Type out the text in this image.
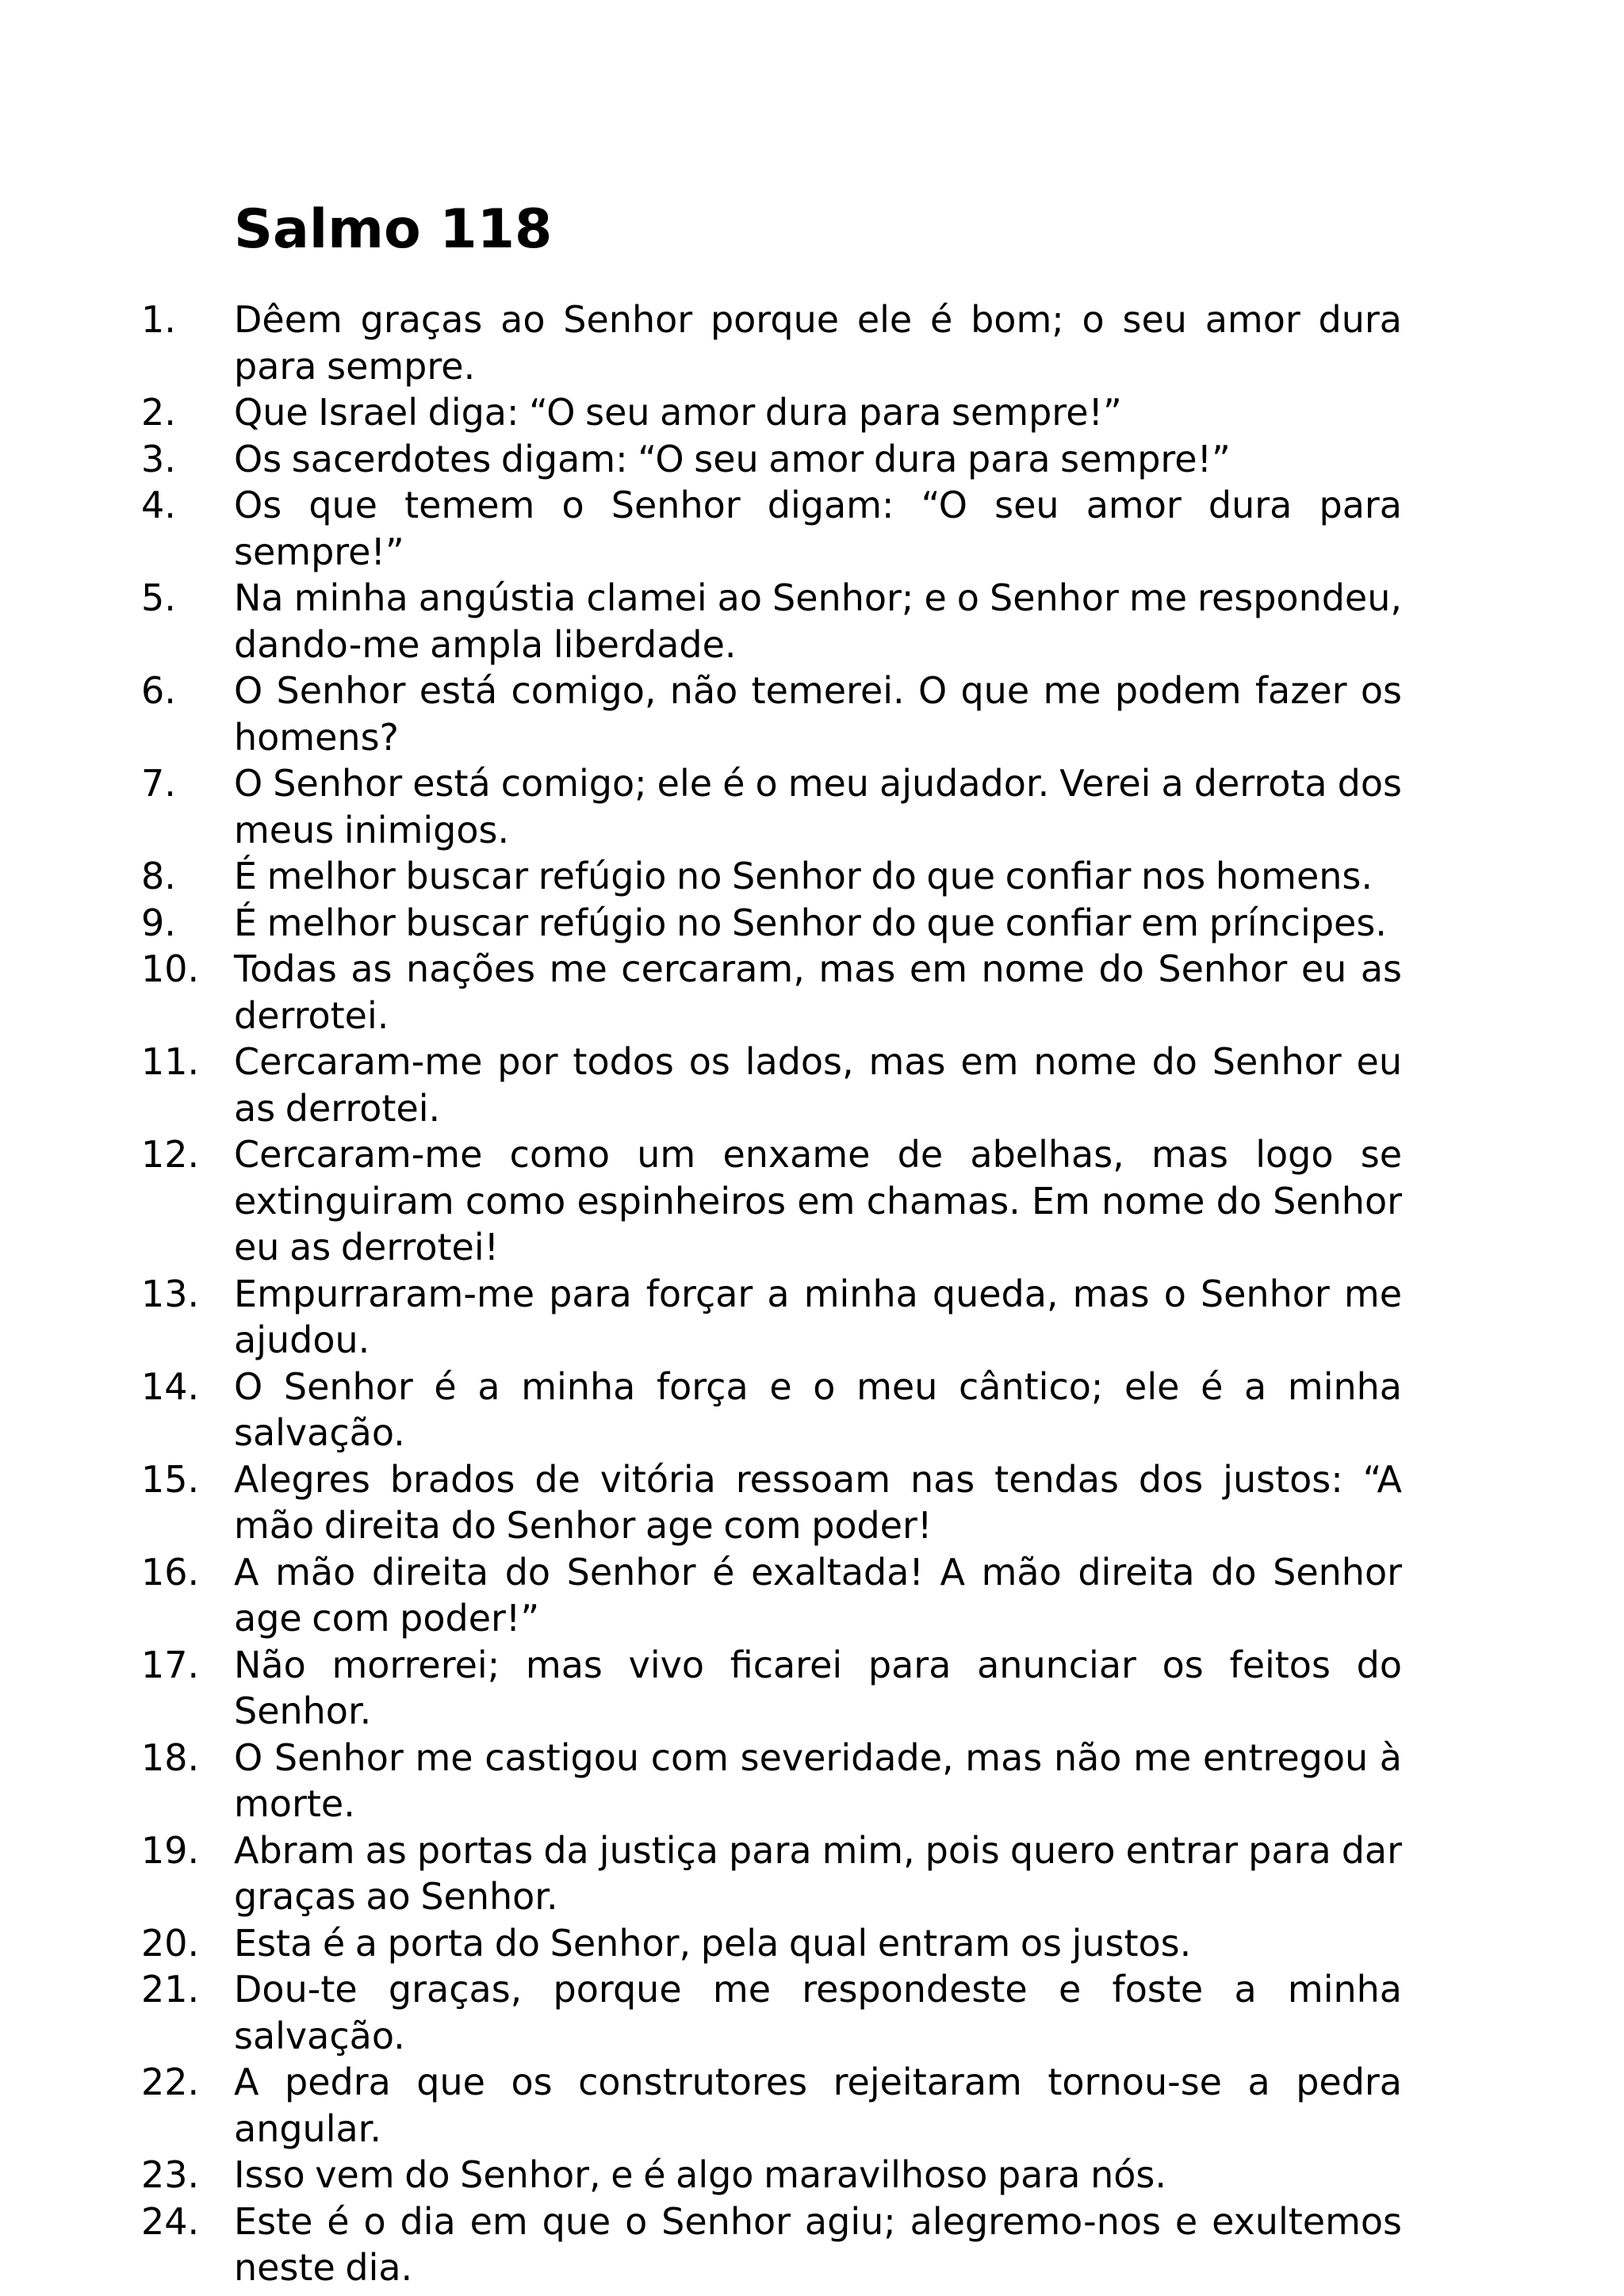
Salmo 118
1.	Dêem graças ao Senhor porque ele é bom; o seu amor dura para sempre.
2.	Que Israel diga: “O seu amor dura para sempre!”
3.	Os sacerdotes digam: “O seu amor dura para sempre!”
4.	Os que temem o Senhor digam: “O seu amor dura para sempre!”
5.	Na minha angústia clamei ao Senhor; e o Senhor me respondeu, dando-me ampla liberdade.
6.	O Senhor está comigo, não temerei. O que me podem fazer os homens?
7.	O Senhor está comigo; ele é o meu ajudador. Verei a derrota dos meus inimigos.
8.	É melhor buscar refúgio no Senhor do que confiar nos homens.
9.	É melhor buscar refúgio no Senhor do que confiar em príncipes.
10. Todas as nações me cercaram, mas em nome do Senhor eu as derrotei.
11. Cercaram-me por todos os lados, mas em nome do Senhor eu as derrotei.
12. Cercaram-me como um enxame de abelhas, mas logo se extinguiram como espinheiros em chamas. Em nome do Senhor eu as derrotei!
13. Empurraram-me para forçar a minha queda, mas o Senhor me ajudou.
14. O Senhor é a minha força e o meu cântico; ele é a minha salvação.
15. Alegres brados de vitória ressoam nas tendas dos justos: “A mão direita do Senhor age com poder!
16. A mão direita do Senhor é exaltada! A mão direita do Senhor age com poder!”
17. Não morrerei; mas vivo ficarei para anunciar os feitos do Senhor.
18. O Senhor me castigou com severidade, mas não me entregou à morte.
19. Abram as portas da justiça para mim, pois quero entrar para dar graças ao Senhor.
20. Esta é a porta do Senhor, pela qual entram os justos.
21. Dou-te graças, porque me respondeste e foste a minha salvação.
22. A pedra que os construtores rejeitaram tornou-se a pedra angular.
23. Isso vem do Senhor, e é algo maravilhoso para nós.
24. Este é o dia em que o Senhor agiu; alegremo-nos e exultemos neste dia.
